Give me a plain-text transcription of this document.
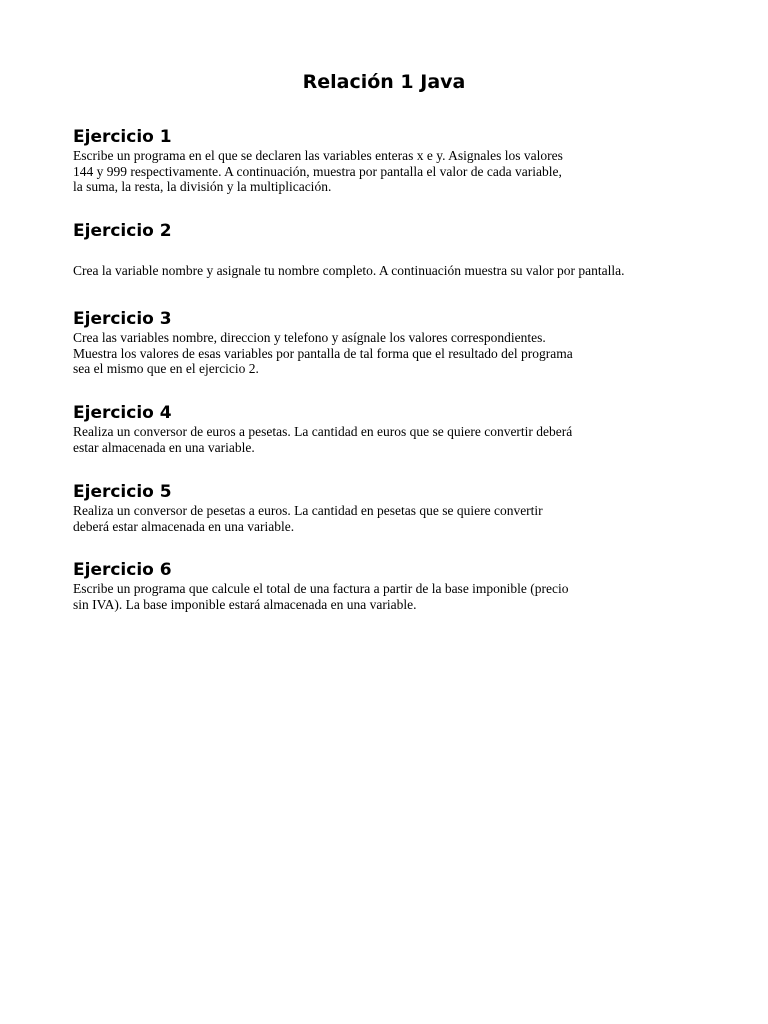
Relación 1 Java
Ejercicio 1

Escribe un programa en el que se declaren las variables enteras x e y. Asignales los valores
144 y 999 respectivamente. A continuación, muestra por pantalla el valor de cada variable,
la suma, la resta, la división y la multiplicación.

Ejercicio 2

Crea la variable nombre y asignale tu nombre completo. A continuación muestra su valor por pantalla.

Ejercicio 3

Crea las variables nombre, direccion y telefono y asígnale los valores correspondientes.
Muestra los valores de esas variables por pantalla de tal forma que el resultado del programa
sea el mismo que en el ejercicio 2.

Ejercicio 4

Realiza un conversor de euros a pesetas. La cantidad en euros que se quiere convertir deberá
estar almacenada en una variable.

Ejercicio 5

Realiza un conversor de pesetas a euros. La cantidad en pesetas que se quiere convertir
deberá estar almacenada en una variable.

Ejercicio 6

Escribe un programa que calcule el total de una factura a partir de la base imponible (precio
sin IVA). La base imponible estará almacenada en una variable.
